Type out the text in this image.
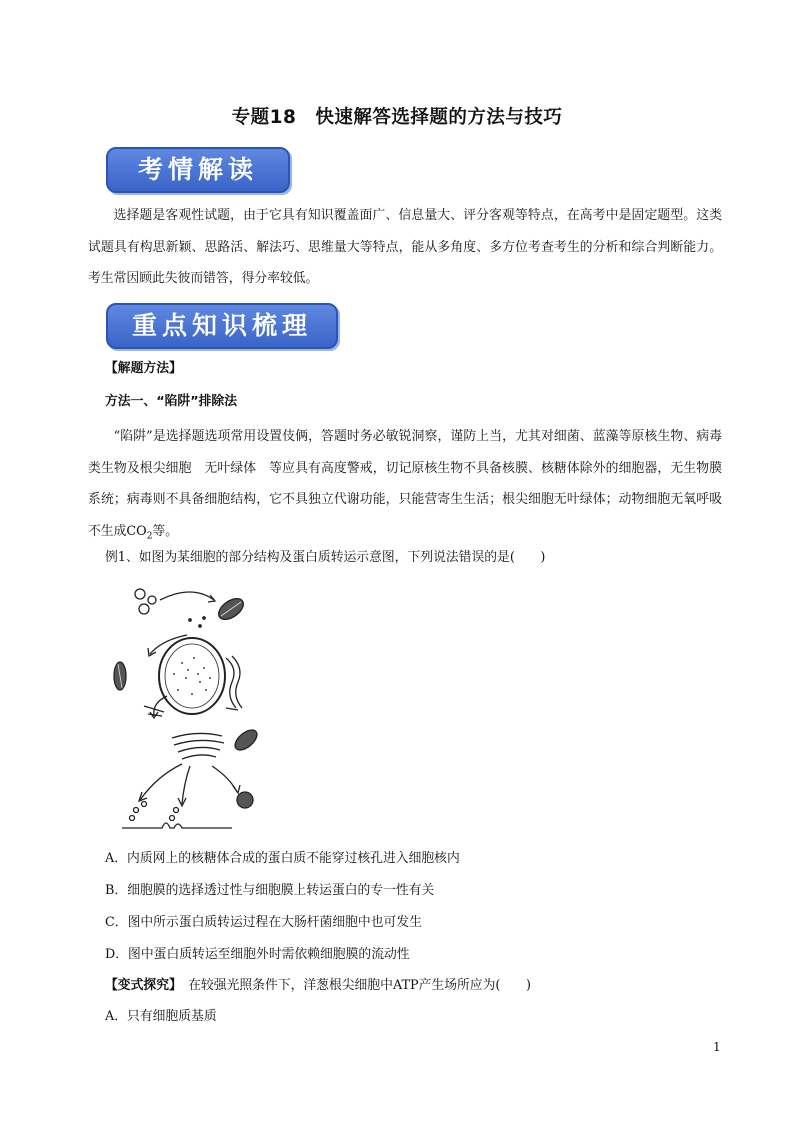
专题18　快速解答选择题的方法与技巧
考情解读
选择题是客观性试题，由于它具有知识覆盖面广、信息量大、评分客观等特点，在高考中是固定题型。这类试题具有构思新颖、思路活、解法巧、思维量大等特点，能从多角度、多方位考查考生的分析和综合判断能力。考生常因顾此失彼而错答，得分率较低。
重点知识梳理
【解题方法】
方法一、“陷阱”排除法
“陷阱”是选择题选项常用设置伎俩，答题时务必敏锐洞察，谨防上当，尤其对细菌、蓝藻等原核生物、病毒类生物及根尖细胞　无叶绿体　等应具有高度警戒，切记原核生物不具备核膜、核糖体除外的细胞器，无生物膜系统；病毒则不具备细胞结构，它不具独立代谢功能，只能营寄生生活；根尖细胞无叶绿体；动物细胞无氧呼吸不生成$CO_2$等。
例1、如图为某细胞的部分结构及蛋白质转运示意图，下列说法错误的是(　　)
A．内质网上的核糖体合成的蛋白质不能穿过核孔进入细胞核内
B．细胞膜的选择透过性与细胞膜上转运蛋白的专一性有关
C．图中所示蛋白质转运过程在大肠杆菌细胞中也可发生
D．图中蛋白质转运至细胞外时需依赖细胞膜的流动性
【变式探究】　在较强光照条件下，洋葱根尖细胞中ATP产生场所应为(　　)
A．只有细胞质基质
1
